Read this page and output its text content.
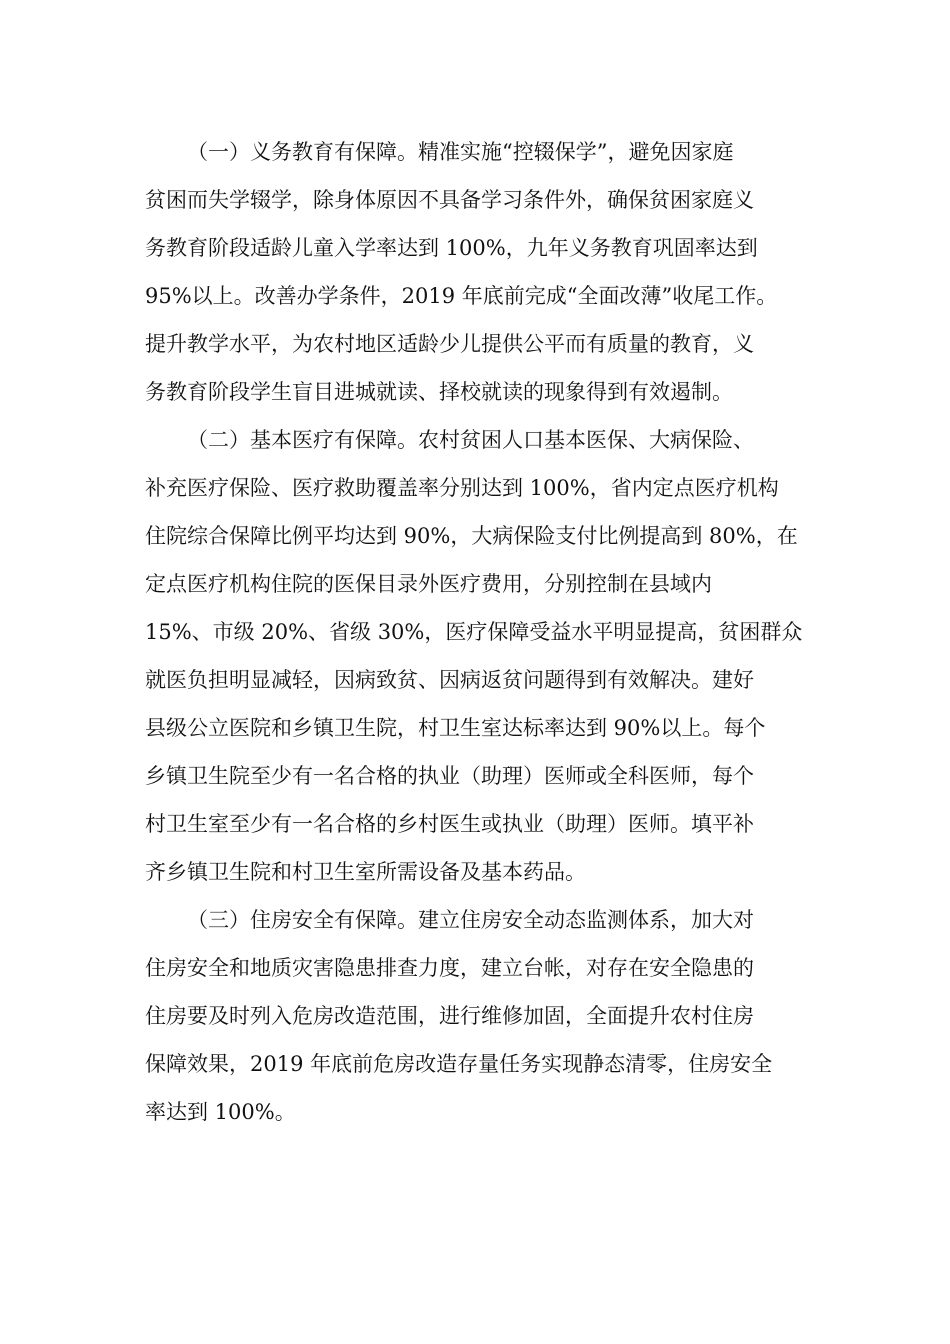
（一）义务教育有保障。精准实施“控辍保学”，避免因家庭
贫困而失学辍学，除身体原因不具备学习条件外，确保贫困家庭义
务教育阶段适龄儿童入学率达到 100%，九年义务教育巩固率达到
95%以上。改善办学条件，2019 年底前完成“全面改薄”收尾工作。
提升教学水平，为农村地区适龄少儿提供公平而有质量的教育，义
务教育阶段学生盲目进城就读、择校就读的现象得到有效遏制。
（二）基本医疗有保障。农村贫困人口基本医保、大病保险、
补充医疗保险、医疗救助覆盖率分别达到 100%，省内定点医疗机构
住院综合保障比例平均达到 90%，大病保险支付比例提高到 80%，在
定点医疗机构住院的医保目录外医疗费用，分别控制在县域内
15%、市级 20%、省级 30%，医疗保障受益水平明显提高，贫困群众
就医负担明显减轻，因病致贫、因病返贫问题得到有效解决。建好
县级公立医院和乡镇卫生院，村卫生室达标率达到 90%以上。每个
乡镇卫生院至少有一名合格的执业（助理）医师或全科医师，每个
村卫生室至少有一名合格的乡村医生或执业（助理）医师。填平补
齐乡镇卫生院和村卫生室所需设备及基本药品。
（三）住房安全有保障。建立住房安全动态监测体系，加大对
住房安全和地质灾害隐患排查力度，建立台帐，对存在安全隐患的
住房要及时列入危房改造范围，进行维修加固，全面提升农村住房
保障效果，2019 年底前危房改造存量任务实现静态清零，住房安全
率达到 100%。
